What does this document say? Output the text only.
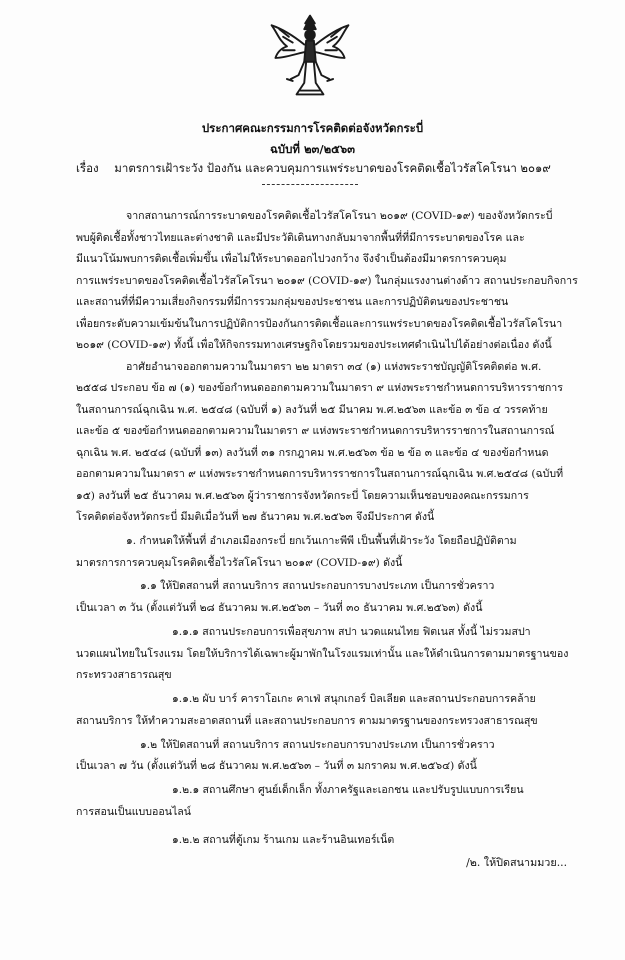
ประกาศคณะกรรมการโรคติดต่อจังหวัดกระบี่
ฉบับที่ ๒๓/๒๕๖๓
เรื่อง มาตรการเฝ้าระวัง ป้องกัน และควบคุมการแพร่ระบาดของโรคติดเชื้อไวรัสโคโรนา ๒๐๑๙
จากสถานการณ์การระบาดของโรคติดเชื้อไวรัสโคโรนา ๒๐๑๙ (COVID-๑๙) ของจังหวัดกระบี่
พบผู้ติดเชื้อทั้งชาวไทยและต่างชาติ และมีประวัติเดินทางกลับมาจากพื้นที่ที่มีการระบาดของโรค และ
มีแนวโน้มพบการติดเชื้อเพิ่มขึ้น เพื่อไม่ให้ระบาดออกไปวงกว้าง จึงจำเป็นต้องมีมาตรการควบคุม
การแพร่ระบาดของโรคติดเชื้อไวรัสโคโรนา ๒๐๑๙ (COVID-๑๙) ในกลุ่มแรงงานต่างด้าว สถานประกอบกิจการ
และสถานที่ที่มีความเสี่ยงกิจกรรมที่มีการรวมกลุ่มของประชาชน และการปฏิบัติตนของประชาชน
เพื่อยกระดับความเข้มข้นในการปฏิบัติการป้องกันการติดเชื้อและการแพร่ระบาดของโรคติดเชื้อไวรัสโคโรนา
๒๐๑๙ (COVID-๑๙) ทั้งนี้ เพื่อให้กิจกรรมทางเศรษฐกิจโดยรวมของประเทศดำเนินไปได้อย่างต่อเนื่อง ดังนี้
อาศัยอำนาจออกตามความในมาตรา ๒๒ มาตรา ๓๔ (๑) แห่งพระราชบัญญัติโรคติดต่อ พ.ศ.
๒๕๕๘ ประกอบ ข้อ ๗ (๑) ของข้อกำหนดออกตามความในมาตรา ๙ แห่งพระราชกำหนดการบริหารราชการ
ในสถานการณ์ฉุกเฉิน พ.ศ. ๒๕๔๘ (ฉบับที่ ๑) ลงวันที่ ๒๕ มีนาคม พ.ศ.๒๕๖๓ และข้อ ๓ ข้อ ๔ วรรคท้าย
และข้อ ๕ ของข้อกำหนดออกตามความในมาตรา ๙ แห่งพระราชกำหนดการบริหารราชการในสถานการณ์
ฉุกเฉิน พ.ศ. ๒๕๔๘ (ฉบับที่ ๑๓) ลงวันที่ ๓๑ กรกฎาคม พ.ศ.๒๕๖๓ ข้อ ๒ ข้อ ๓ และข้อ ๔ ของข้อกำหนด
ออกตามความในมาตรา ๙ แห่งพระราชกำหนดการบริหารราชการในสถานการณ์ฉุกเฉิน พ.ศ.๒๕๔๘ (ฉบับที่
๑๕) ลงวันที่ ๒๕ ธันวาคม พ.ศ.๒๕๖๓ ผู้ว่าราชการจังหวัดกระบี่ โดยความเห็นชอบของคณะกรรมการ
โรคติดต่อจังหวัดกระบี่ มีมติเมื่อวันที่ ๒๗ ธันวาคม พ.ศ.๒๕๖๓ จึงมีประกาศ ดังนี้
๑. กำหนดให้พื้นที่ อำเภอเมืองกระบี่ ยกเว้นเกาะพีพี เป็นพื้นที่เฝ้าระวัง โดยถือปฏิบัติตาม
มาตรการการควบคุมโรคติดเชื้อไวรัสโคโรนา ๒๐๑๙ (COVID-๑๙) ดังนี้
๑.๑ ให้ปิดสถานที่ สถานบริการ สถานประกอบการบางประเภท เป็นการชั่วคราว
เป็นเวลา ๓ วัน (ตั้งแต่วันที่ ๒๘ ธันวาคม พ.ศ.๒๕๖๓ – วันที่ ๓๐ ธันวาคม พ.ศ.๒๕๖๓) ดังนี้
๑.๑.๑ สถานประกอบการเพื่อสุขภาพ สปา นวดแผนไทย ฟิตเนส ทั้งนี้ ไม่รวมสปา
นวดแผนไทยในโรงแรม โดยให้บริการได้เฉพาะผู้มาพักในโรงแรมเท่านั้น และให้ดำเนินการตามมาตรฐานของ
กระทรวงสาธารณสุข
๑.๑.๒ ผับ บาร์ คาราโอเกะ คาเฟ่ สนุกเกอร์ บิลเลียด และสถานประกอบการคล้าย
สถานบริการ ให้ทำความสะอาดสถานที่ และสถานประกอบการ ตามมาตรฐานของกระทรวงสาธารณสุข
๑.๒ ให้ปิดสถานที่ สถานบริการ สถานประกอบการบางประเภท เป็นการชั่วคราว
เป็นเวลา ๗ วัน (ตั้งแต่วันที่ ๒๘ ธันวาคม พ.ศ.๒๕๖๓ – วันที่ ๓ มกราคม พ.ศ.๒๕๖๔) ดังนี้
๑.๒.๑ สถานศึกษา ศูนย์เด็กเล็ก ทั้งภาครัฐและเอกชน และปรับรูปแบบการเรียน
การสอนเป็นแบบออนไลน์
๑.๒.๒ สถานที่ตู้เกม ร้านเกม และร้านอินเทอร์เน็ต
/๒. ให้ปิดสนามมวย...
